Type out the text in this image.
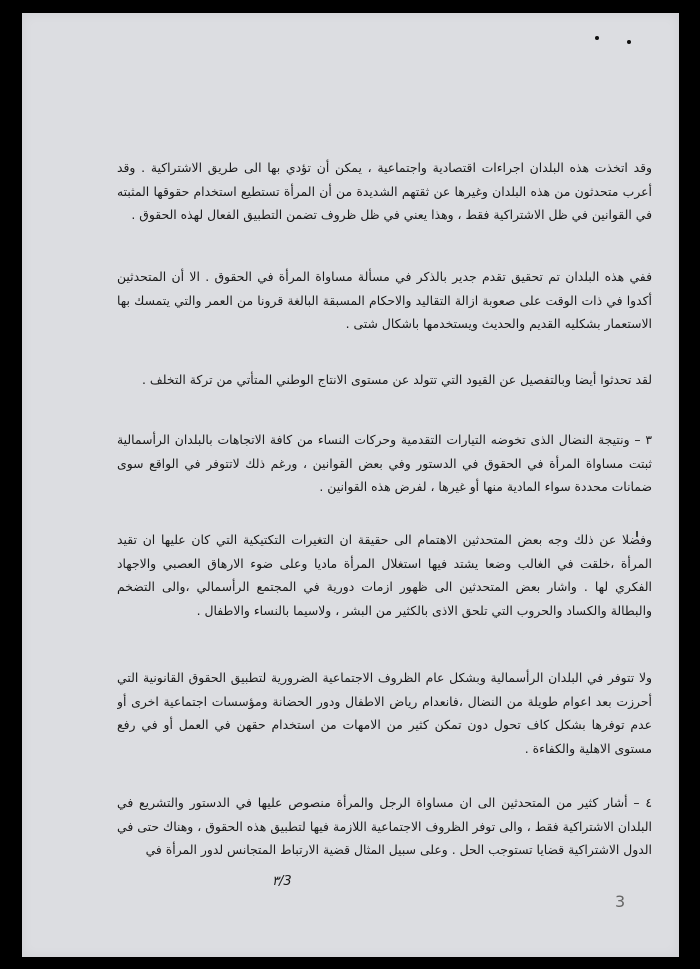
وقد اتخذت هذه البلدان اجراءات اقتصادية واجتماعية ، يمكن أن تؤدي بها الى طريق الاشتراكية . وقد أعرب متحدثون من هذه البلدان وغيرها عن ثقتهم الشديدة من أن المرأة تستطيع استخدام حقوقها المثبته في القوانين في ظل الاشتراكية فقط ، وهذا يعني في ظل ظروف تضمن التطبيق الفعال لهذه الحقوق .

ففي هذه البلدان تم تحقيق تقدم جدير بالذكر في مسألة مساواة المرأة في الحقوق . الا أن المتحدثين أكدوا في ذات الوقت على صعوبة ازالة التقاليد والاحكام المسبقة البالغة قرونا من العمر والتي يتمسك بها الاستعمار بشكليه القديم والحديث ويستخدمها باشكال شتى .

لقد تحدثوا أيضا وبالتفصيل عن القيود التي تتولد عن مستوى الانتاج الوطني المتأتي من تركة التخلف .

٣ – ونتيجة النضال الذى تخوضه التيارات التقدمية وحركات النساء من كافة الاتجاهات بالبلدان الرأسمالية ثبتت مساواة المرأة في الحقوق في الدستور وفي بعض القوانين ، ورغم ذلك لاتتوفر في الواقع سوى ضمانات محددة سواء المادية منها أو غيرها ، لفرض هذه القوانين .

وفضلا عن ذلك وجه بعض المتحدثين الاهتمام الى حقيقة ان التغيرات التكتيكية التي كان عليها ان تقيد المرأة ،خلقت في الغالب وضعا يشتد فيها استغلال المرأة ماديا وعلى ضوء الارهاق العصبي والاجهاد الفكري لها . واشار بعض المتحدثين الى ظهور ازمات دورية في المجتمع الرأسمالي ،والى التضخم والبطالة والكساد والحروب التي تلحق الاذى بالكثير من البشر ، ولاسيما بالنساء والاطفال .

ولا تتوفر في البلدان الرأسمالية وبشكل عام الظروف الاجتماعية الضرورية لتطبيق الحقوق القانونية التي أحرزت بعد اعوام طويلة من النضال ،فانعدام رياض الاطفال ودور الحضانة ومؤسسات اجتماعية اخرى أو عدم توفرها بشكل كاف تحول دون تمكن كثير من الامهات من استخدام حقهن في العمل أو في رفع مستوى الاهلية والكفاءة .

٤ – أشار كثير من المتحدثين الى ان مساواة الرجل والمرأة منصوص عليها في الدستور والتشريع في البلدان الاشتراكية فقط ، والى توفر الظروف الاجتماعية اللازمة فيها لتطبيق هذه الحقوق ، وهناك حتى في الدول الاشتراكية قضايا تستوجب الحل . وعلى سبيل المثال قضية الارتباط المتجانس لدور المرأة في

٣/3
3
